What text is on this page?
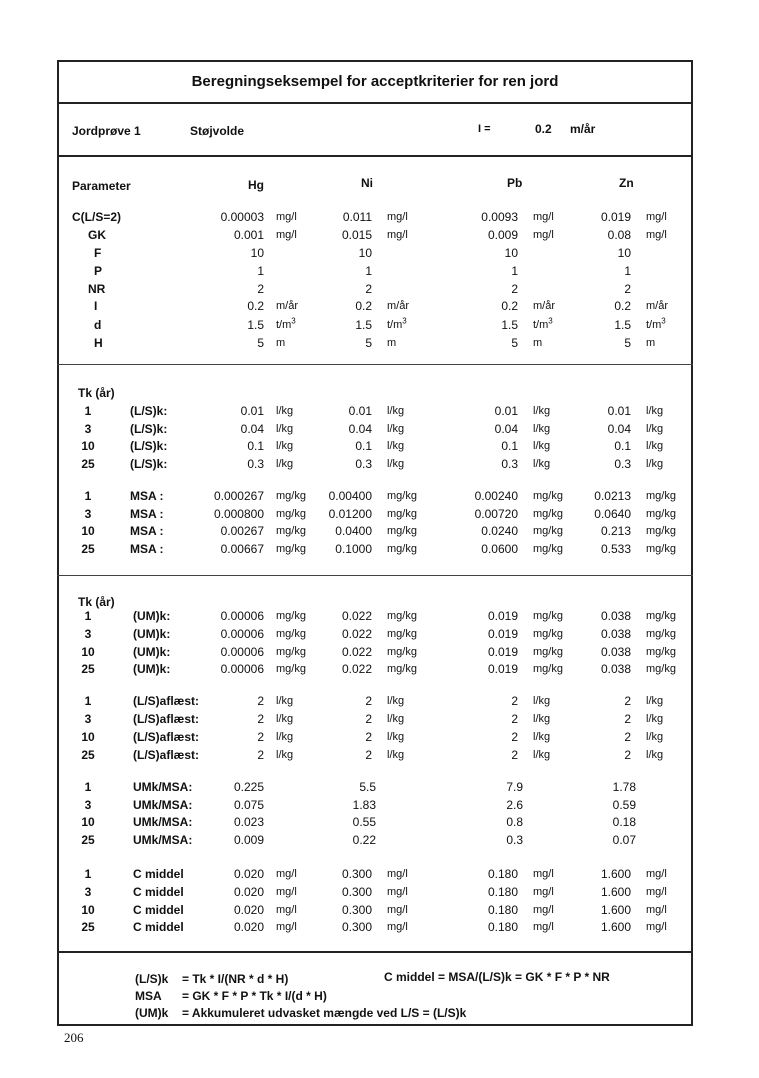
Beregningseksempel for acceptkriterier for ren jord
Jordprøve 1	Støjvolde	I =	0.2 m/år
Parameter	Hg	Ni	Pb	Zn
C(L/S=2)	0.00003 mg/l	0.011 mg/l	0.0093 mg/l	0.019 mg/l
GK	0.001 mg/l	0.015 mg/l	0.009 mg/l	0.08 mg/l
F	10	10	10	10
P	1	1	1	1
NR	2	2	2	2
I	0.2 m/år	0.2 m/år	0.2 m/år	0.2 m/år
d	1.5 $t/m^3$	1.5 $t/m^3$	1.5 $t/m^3$	1.5 $t/m^3$
H	5 m	5 m	5 m	5 m
Tk (år)
1	(L/S)k:	0.01 l/kg	0.01 l/kg	0.01 l/kg	0.01 l/kg
3	(L/S)k:	0.04 l/kg	0.04 l/kg	0.04 l/kg	0.04 l/kg
10	(L/S)k:	0.1 l/kg	0.1 l/kg	0.1 l/kg	0.1 l/kg
25	(L/S)k:	0.3 l/kg	0.3 l/kg	0.3 l/kg	0.3 l/kg
1	MSA :	0.000267 mg/kg	0.00400 mg/kg	0.00240 mg/kg	0.0213 mg/kg
3	MSA :	0.000800 mg/kg	0.01200 mg/kg	0.00720 mg/kg	0.0640 mg/kg
10	MSA :	0.00267 mg/kg	0.0400 mg/kg	0.0240 mg/kg	0.213 mg/kg
25	MSA :	0.00667 mg/kg	0.1000 mg/kg	0.0600 mg/kg	0.533 mg/kg
Tk (år)
1	(UM)k:	0.00006 mg/kg	0.022 mg/kg	0.019 mg/kg	0.038 mg/kg
3	(UM)k:	0.00006 mg/kg	0.022 mg/kg	0.019 mg/kg	0.038 mg/kg
10	(UM)k:	0.00006 mg/kg	0.022 mg/kg	0.019 mg/kg	0.038 mg/kg
25	(UM)k:	0.00006 mg/kg	0.022 mg/kg	0.019 mg/kg	0.038 mg/kg
1	(L/S)aflæst:	2 l/kg	2 l/kg	2 l/kg	2 l/kg
3	(L/S)aflæst:	2 l/kg	2 l/kg	2 l/kg	2 l/kg
10	(L/S)aflæst:	2 l/kg	2 l/kg	2 l/kg	2 l/kg
25	(L/S)aflæst:	2 l/kg	2 l/kg	2 l/kg	2 l/kg
1	UMk/MSA:	0.225	5.5	7.9	1.78
3	UMk/MSA:	0.075	1.83	2.6	0.59
10	UMk/MSA:	0.023	0.55	0.8	0.18
25	UMk/MSA:	0.009	0.22	0.3	0.07
1	C middel	0.020 mg/l	0.300 mg/l	0.180 mg/l	1.600 mg/l
3	C middel	0.020 mg/l	0.300 mg/l	0.180 mg/l	1.600 mg/l
10	C middel	0.020 mg/l	0.300 mg/l	0.180 mg/l	1.600 mg/l
25	C middel	0.020 mg/l	0.300 mg/l	0.180 mg/l	1.600 mg/l
(L/S)k = Tk * I/(NR * d * H)	C middel = MSA/(L/S)k = GK * F * P * NR
MSA = GK * F * P * Tk * I/(d * H)
(UM)k = Akkumuleret udvasket mængde ved L/S = (L/S)k
206
